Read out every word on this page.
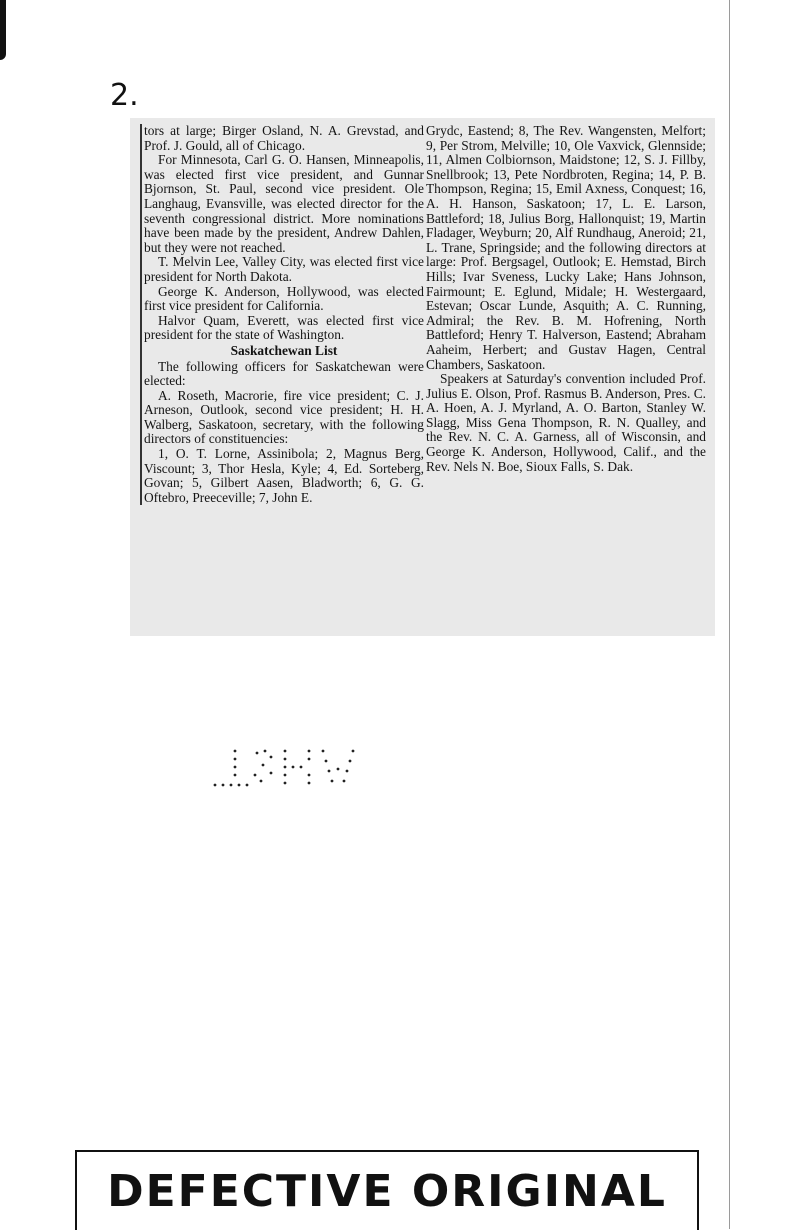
2.

tors at large; Birger Osland, N. A. Grevstad, and Prof. J. Gould, all of Chicago.

For Minnesota, Carl G. O. Hansen, Minneapolis, was elected first vice president, and Gunnar Bjornson, St. Paul, second vice president. Ole Langhaug, Evansville, was elected director for the seventh congressional district. More nominations have been made by the president, Andrew Dahlen, but they were not reached.

T. Melvin Lee, Valley City, was elected first vice president for North Dakota.

George K. Anderson, Hollywood, was elected first vice president for California.

Halvor Quam, Everett, was elected first vice president for the state of Washington.

Saskatchewan List

The following officers for Saskatchewan were elected:

A. Roseth, Macrorie, fire vice president; C. J. Arneson, Outlook, second vice president; H. H. Walberg, Saskatoon, secretary, with the following directors of constituencies:

1, O. T. Lorne, Assinibola; 2, Magnus Berg, Viscount; 3, Thor Hesla, Kyle; 4, Ed. Sorteberg, Govan; 5, Gilbert Aasen, Bladworth; 6, G. G. Oftebro, Preeceville; 7, John E.

Grydc, Eastend; 8, The Rev. Wangensten, Melfort; 9, Per Strom, Melville; 10, Ole Vaxvick, Glennside; 11, Almen Colbiornson, Maidstone; 12, S. J. Fillby, Snellbrook; 13, Pete Nordbroten, Regina; 14, P. B. Thompson, Regina; 15, Emil Axness, Conquest; 16, A. H. Hanson, Saskatoon; 17, L. E. Larson, Battleford; 18, Julius Borg, Hallonquist; 19, Martin Fladager, Weyburn; 20, Alf Rundhaug, Aneroid; 21, L. Trane, Springside; and the following directors at large: Prof. Bergsagel, Outlook; E. Hemstad, Birch Hills; Ivar Sveness, Lucky Lake; Hans Johnson, Fairmount; E. Eglund, Midale; H. Westergaard, Estevan; Oscar Lunde, Asquith; A. C. Running, Admiral; the Rev. B. M. Hofrening, North Battleford; Henry T. Halverson, Eastend; Abraham Aaheim, Herbert; and Gustav Hagen, Central Chambers, Saskatoon.

Speakers at Saturday's convention included Prof. Julius E. Olson, Prof. Rasmus B. Anderson, Pres. C. A. Hoen, A. J. Myrland, A. O. Barton, Stanley W. Slagg, Miss Gena Thompson, R. N. Qualley, and the Rev. N. C. A. Garness, all of Wisconsin, and George K. Anderson, Hollywood, Calif., and the Rev. Nels N. Boe, Sioux Falls, S. Dak.

DEFECTIVE ORIGINAL
